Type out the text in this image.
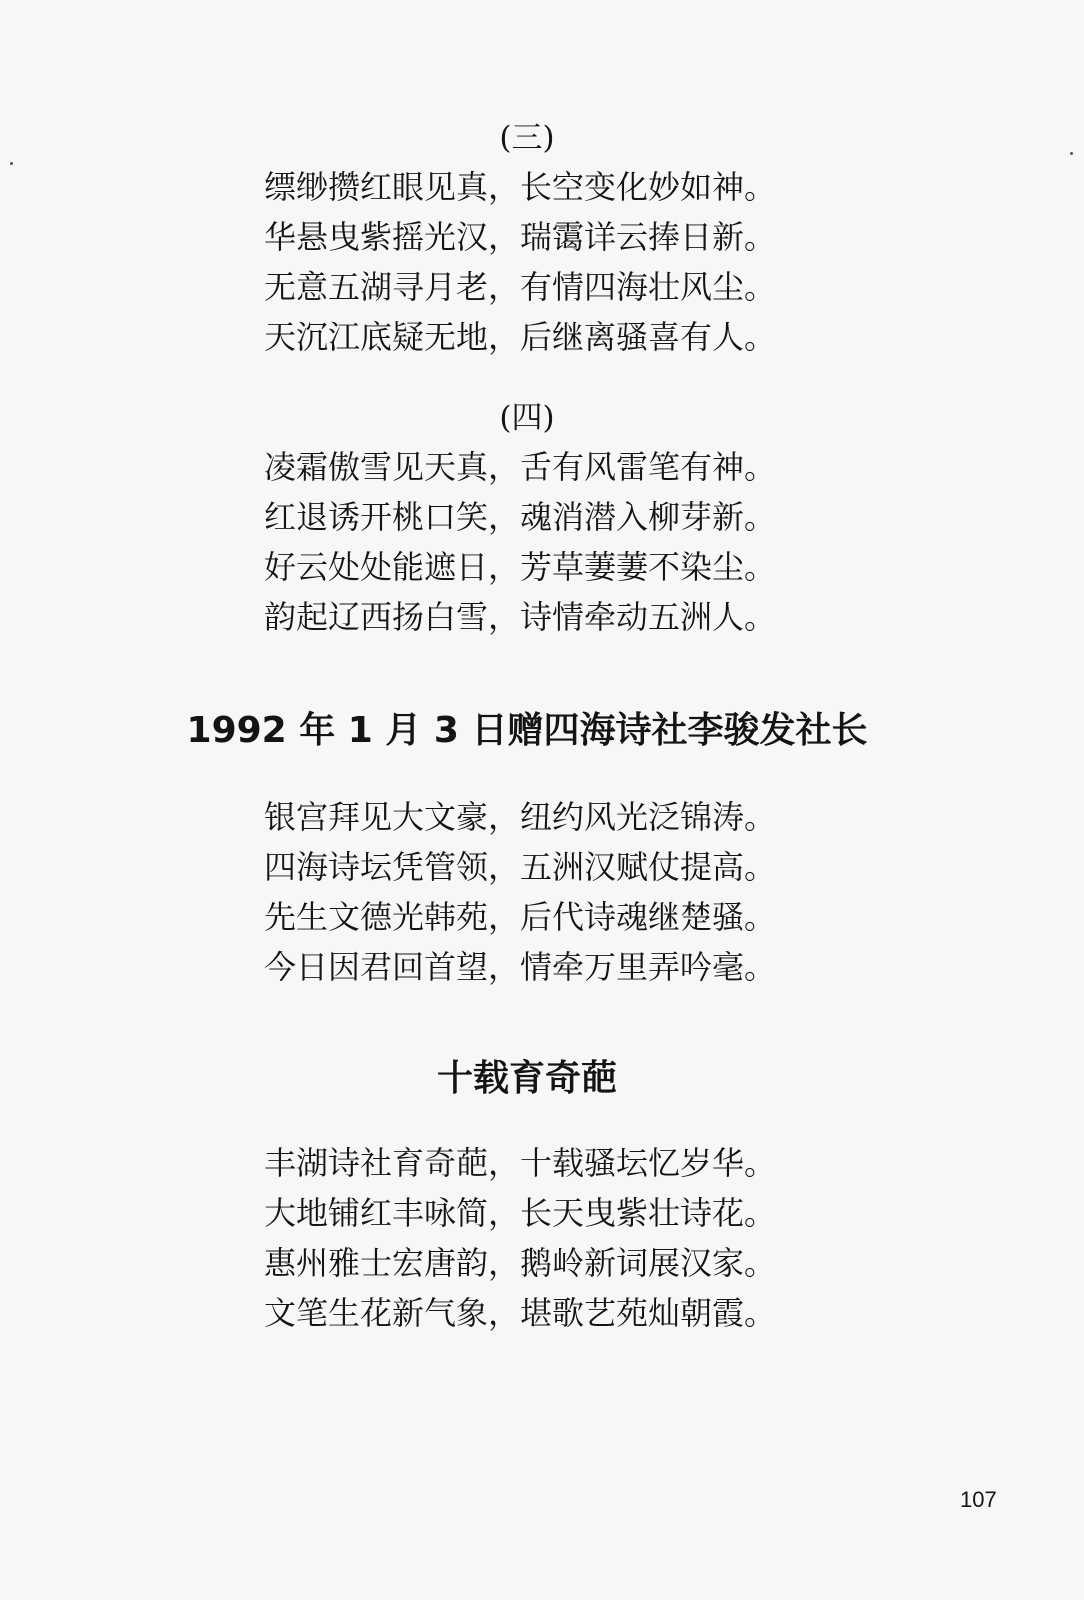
(三)
缥缈攒红眼见真，长空变化妙如神。
华悬曳紫摇光汉，瑞霭详云捧日新。
无意五湖寻月老，有情四海壮风尘。
天沉江底疑无地，后继离骚喜有人。
(四)
凌霜傲雪见天真，舌有风雷笔有神。
红退诱开桃口笑，魂消潜入柳芽新。
好云处处能遮日，芳草萋萋不染尘。
韵起辽西扬白雪，诗情牵动五洲人。
1992 年 1 月 3 日赠四海诗社李骏发社长
银宫拜见大文豪，纽约风光泛锦涛。
四海诗坛凭管领，五洲汉赋仗提高。
先生文德光韩苑，后代诗魂继楚骚。
今日因君回首望，情牵万里弄吟毫。
十载育奇葩
丰湖诗社育奇葩，十载骚坛忆岁华。
大地铺红丰咏简，长天曳紫壮诗花。
惠州雅士宏唐韵，鹅岭新词展汉家。
文笔生花新气象，堪歌艺苑灿朝霞。
107
